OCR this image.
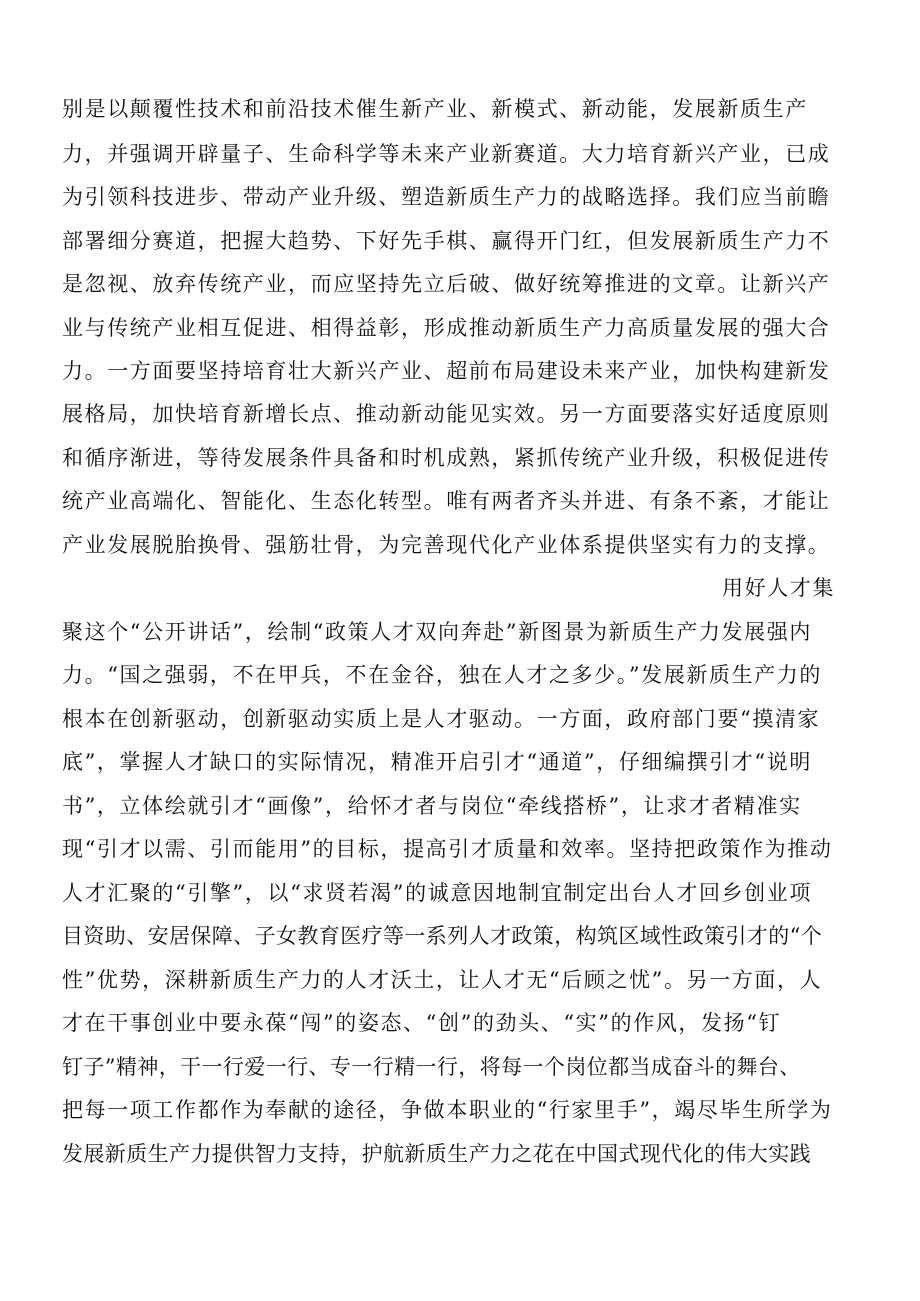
别是以颠覆性技术和前沿技术催生新产业、新模式、新动能，发展新质生产
力，并强调开辟量子、生命科学等未来产业新赛道。大力培育新兴产业，已成
为引领科技进步、带动产业升级、塑造新质生产力的战略选择。我们应当前瞻
部署细分赛道，把握大趋势、下好先手棋、赢得开门红，但发展新质生产力不
是忽视、放弃传统产业，而应坚持先立后破、做好统筹推进的文章。让新兴产
业与传统产业相互促进、相得益彰，形成推动新质生产力高质量发展的强大合
力。一方面要坚持培育壮大新兴产业、超前布局建设未来产业，加快构建新发
展格局，加快培育新增长点、推动新动能见实效。另一方面要落实好适度原则
和循序渐进，等待发展条件具备和时机成熟，紧抓传统产业升级，积极促进传
统产业高端化、智能化、生态化转型。唯有两者齐头并进、有条不紊，才能让
产业发展脱胎换骨、强筋壮骨，为完善现代化产业体系提供坚实有力的支撑。
用好人才集
聚这个“公开讲话”，绘制“政策人才双向奔赴”新图景为新质生产力发展强内
力。“国之强弱，不在甲兵，不在金谷，独在人才之多少。”发展新质生产力的
根本在创新驱动，创新驱动实质上是人才驱动。一方面，政府部门要“摸清家
底”，掌握人才缺口的实际情况，精准开启引才“通道”，仔细编撰引才“说明
书”，立体绘就引才“画像”，给怀才者与岗位“牵线搭桥”，让求才者精准实
现“引才以需、引而能用”的目标，提高引才质量和效率。坚持把政策作为推动
人才汇聚的“引擎”，以“求贤若渴”的诚意因地制宜制定出台人才回乡创业项
目资助、安居保障、子女教育医疗等一系列人才政策，构筑区域性政策引才的“个
性”优势，深耕新质生产力的人才沃土，让人才无“后顾之忧”。另一方面，人
才在干事创业中要永葆“闯”的姿态、“创”的劲头、“实”的作风，发扬“钉
钉子”精神，干一行爱一行、专一行精一行，将每一个岗位都当成奋斗的舞台、
把每一项工作都作为奉献的途径，争做本职业的“行家里手”，竭尽毕生所学为
发展新质生产力提供智力支持，护航新质生产力之花在中国式现代化的伟大实践
